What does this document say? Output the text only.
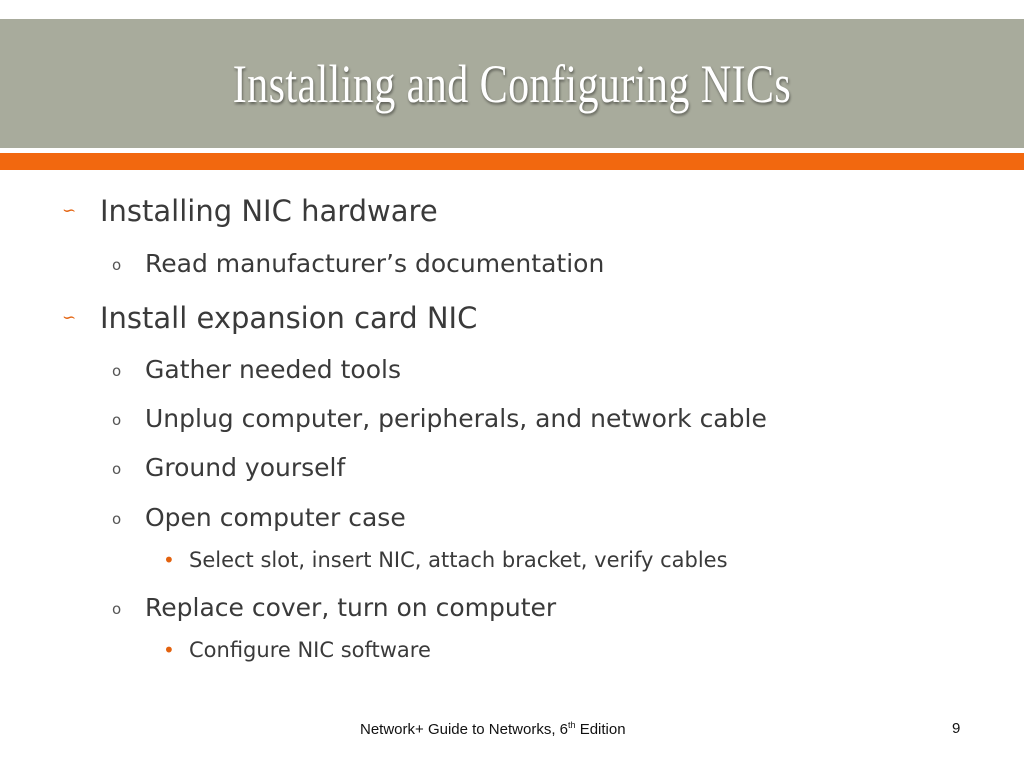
Installing and Configuring NICs
∽ Installing NIC hardware
o Read manufacturer’s documentation
∽ Install expansion card NIC
o Gather needed tools
o Unplug computer, peripherals, and network cable
o Ground yourself
o Open computer case
• Select slot, insert NIC, attach bracket, verify cables
o Replace cover, turn on computer
• Configure NIC software
Network+ Guide to Networks, 6th Edition	9
